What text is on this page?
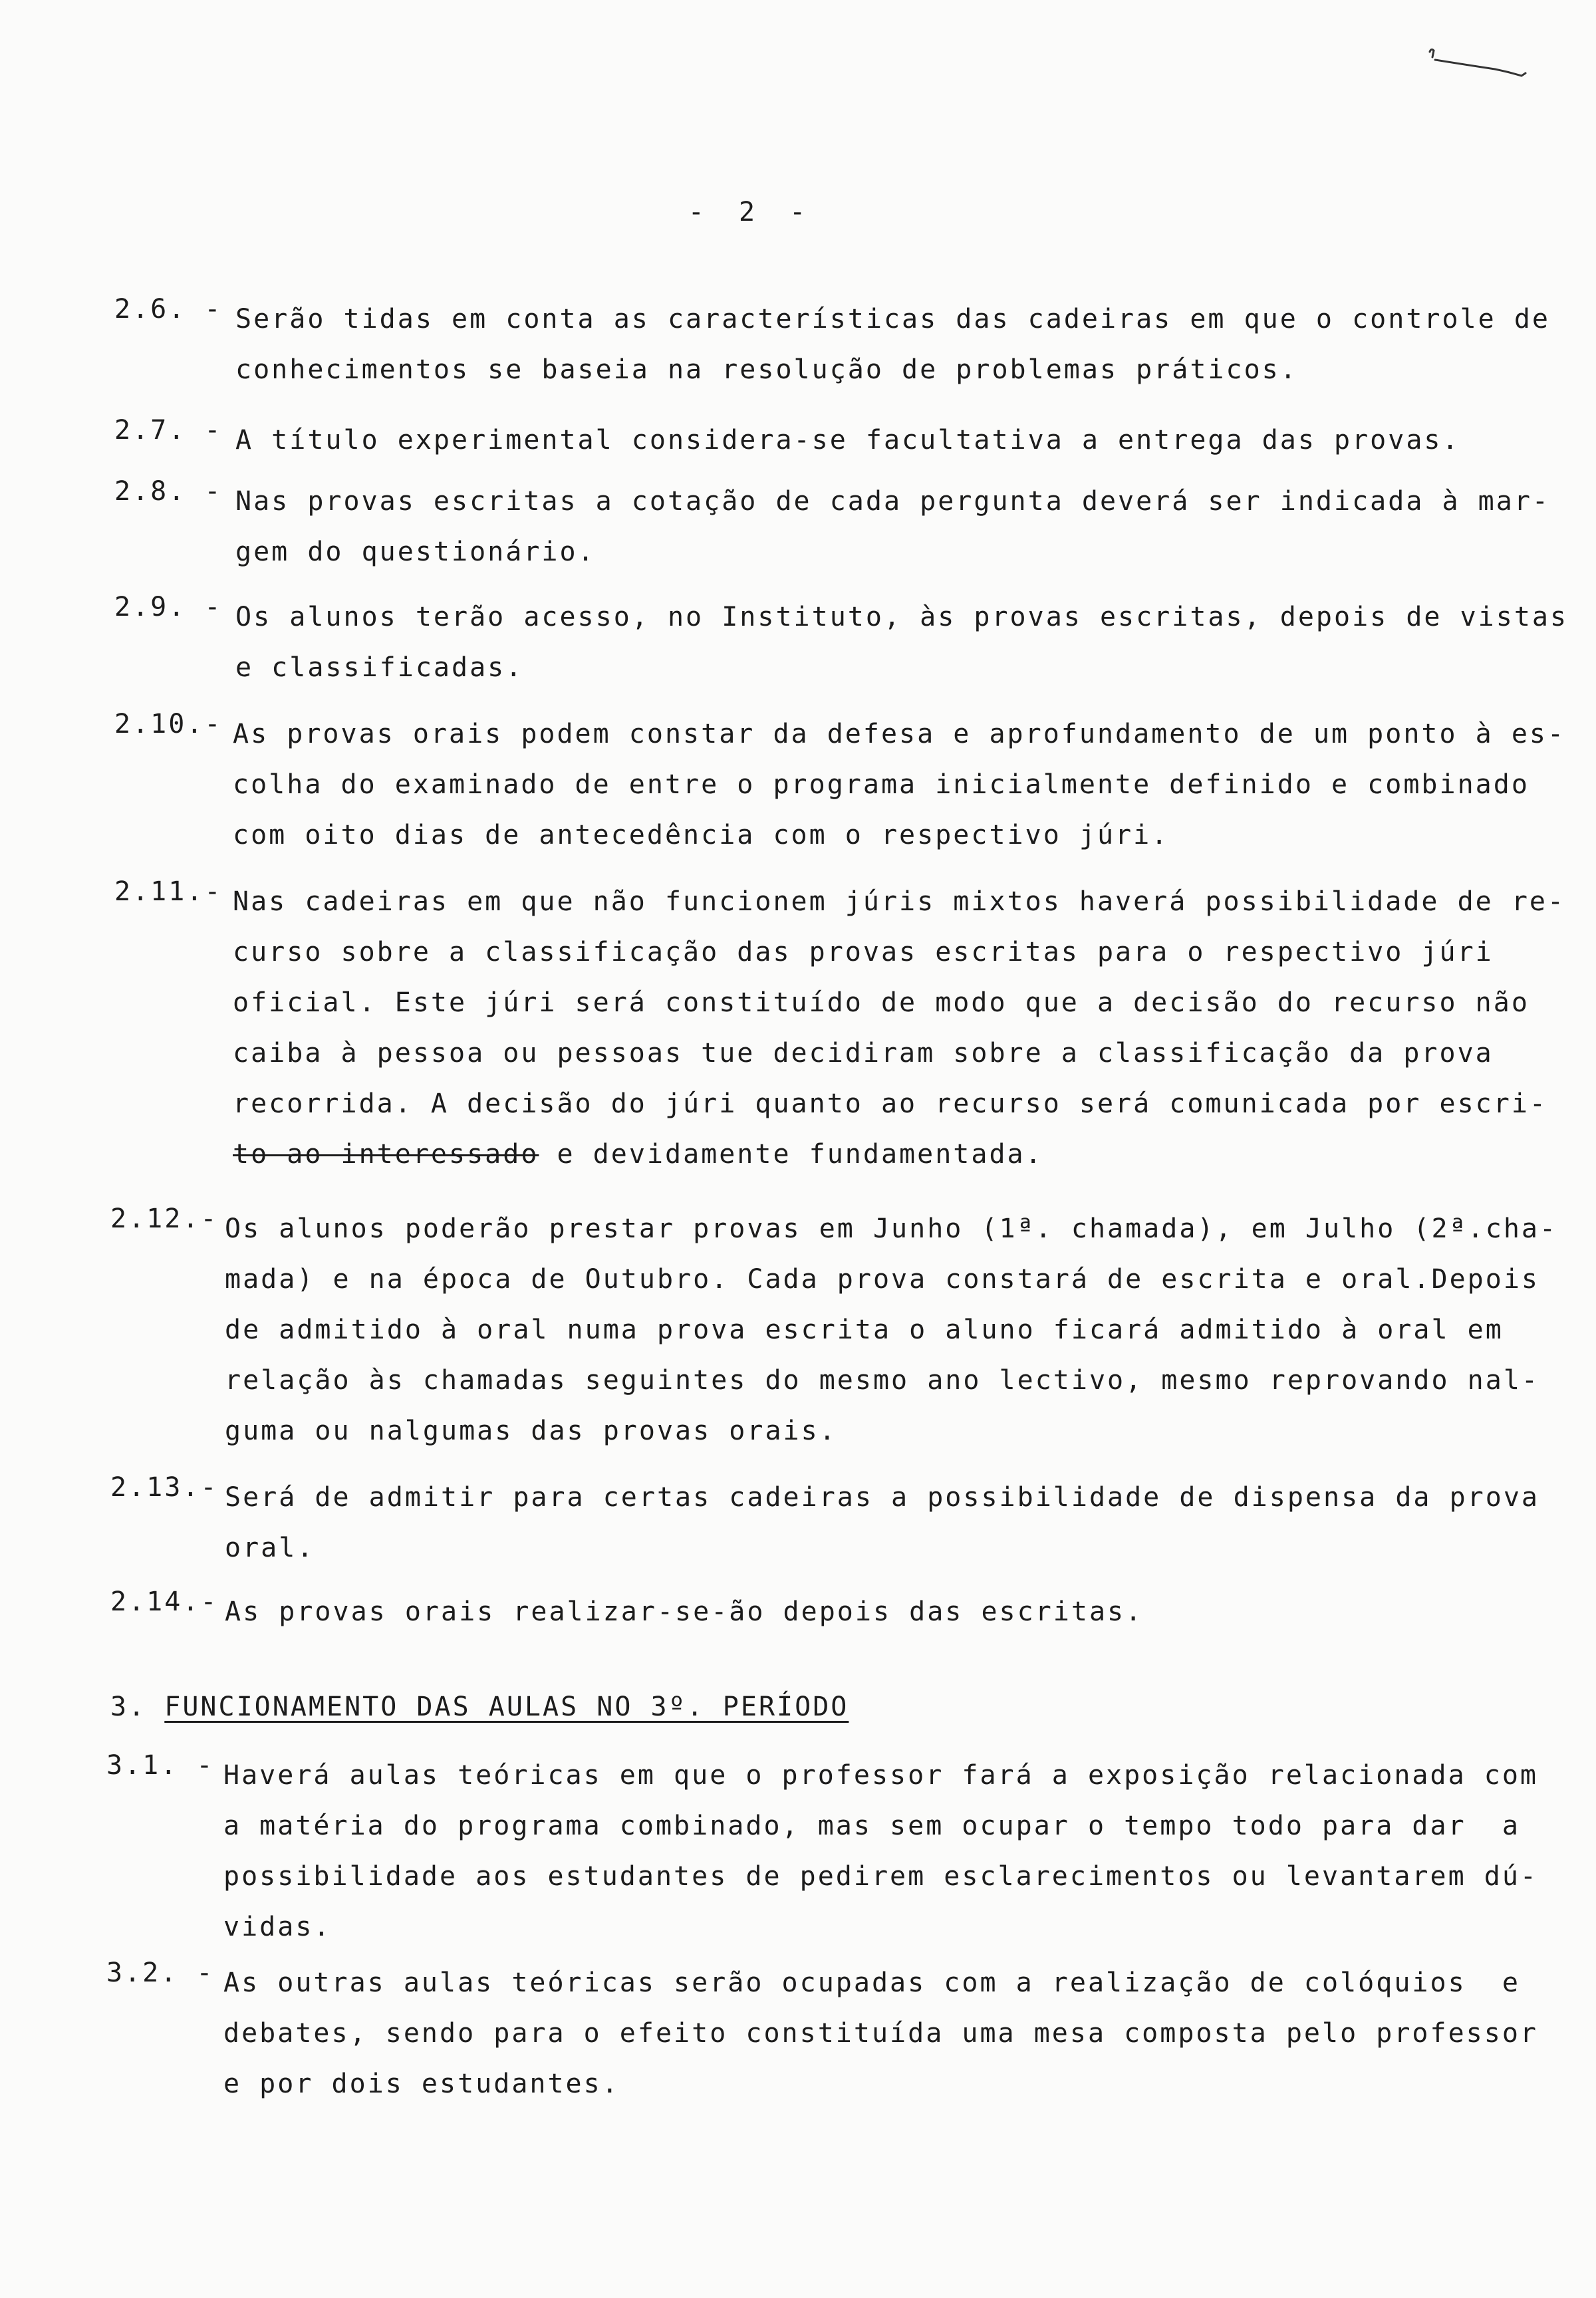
- 2 -
2.6. - Serão tidas em conta as características das cadeiras em que o controle de
conhecimentos se baseia na resolução de problemas práticos.
2.7. - A título experimental considera-se facultativa a entrega das provas.
2.8. - Nas provas escritas a cotação de cada pergunta deverá ser indicada à mar-
gem do questionário.
2.9. - Os alunos terão acesso, no Instituto, às provas escritas, depois de vistas
e classificadas.
2.10.- As provas orais podem constar da defesa e aprofundamento de um ponto à es-
colha do examinado de entre o programa inicialmente definido e combinado
com oito dias de antecedência com o respectivo júri.
2.11.- Nas cadeiras em que não funcionem júris mixtos haverá possibilidade de re-
curso sobre a classificação das provas escritas para o respectivo júri
oficial. Este júri será constituído de modo que a decisão do recurso não
caiba à pessoa ou pessoas tue decidiram sobre a classificação da prova
recorrida. A decisão do júri quanto ao recurso será comunicada por escri-
to ao interessado e devidamente fundamentada.
2.12.- Os alunos poderão prestar provas em Junho (1ª. chamada), em Julho (2ª.cha-
mada) e na época de Outubro. Cada prova constará de escrita e oral.Depois
de admitido à oral numa prova escrita o aluno ficará admitido à oral em
relação às chamadas seguintes do mesmo ano lectivo, mesmo reprovando nal-
guma ou nalgumas das provas orais.
2.13.- Será de admitir para certas cadeiras a possibilidade de dispensa da prova
oral.
2.14.- As provas orais realizar-se-ão depois das escritas.
3. FUNCIONAMENTO DAS AULAS NO 3º. PERÍODO
3.1. - Haverá aulas teóricas em que o professor fará a exposição relacionada com
a matéria do programa combinado, mas sem ocupar o tempo todo para dar  a
possibilidade aos estudantes de pedirem esclarecimentos ou levantarem dú-
vidas.
3.2. - As outras aulas teóricas serão ocupadas com a realização de colóquios  e
debates, sendo para o efeito constituída uma mesa composta pelo professor
e por dois estudantes.
